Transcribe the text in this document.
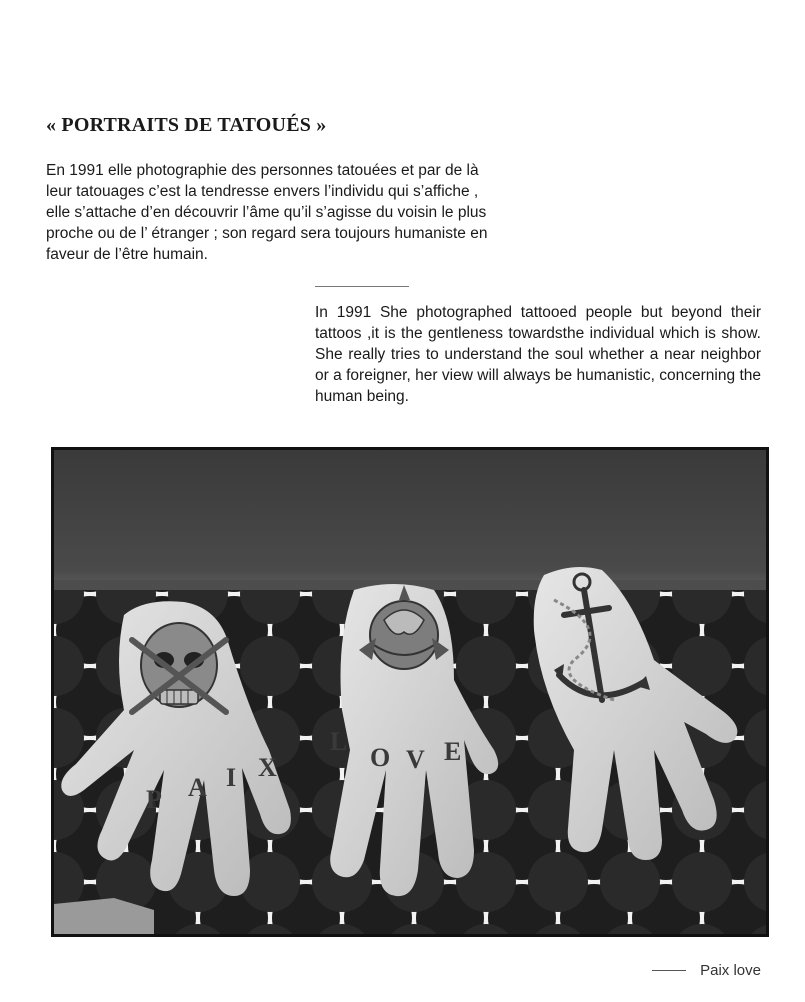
« PORTRAITS DE TATOUÉS »

En 1991 elle photographie des personnes tatouées et par de là leur tatouages c’est la tendresse envers l’individu qui s’affiche , elle s’attache d’en découvrir l’âme qu’il s’agisse du voisin le plus proche ou de l’ étranger ; son regard sera toujours humaniste en faveur de l’être humain.

In 1991 She photographed tattooed people but beyond their tattoos ,it is the gentleness towardsthe individual which is show. She really tries to understand the soul whether a near neighbor or a foreigner, her view will always be humanistic, concerning the human being.

P A I X
L
O V E
Paix love
